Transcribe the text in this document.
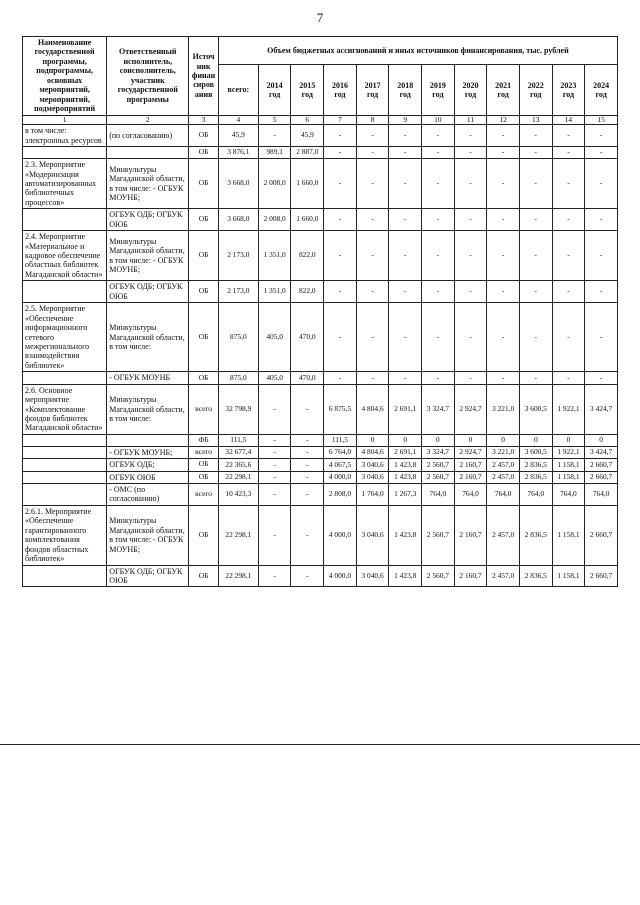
7
Наименование государственной программы, подпрограммы, основных мероприятий, мероприятий, подмероприятий	Ответственный исполнитель, соисполнитель, участник государственной программы	Источник финансирования	Объем бюджетных ассигнований и иных источников финансирования, тыс. рублей											
			всего:	2014 год	2015 год	2016 год	2017 год	2018 год	2019 год	2020 год	2021 год	2022 год	2023 год	2024 год
1	2	3	4	5	6	7	8	9	10	11	12	13	14	15
в том числе: электронных ресурсов	(по согласованию)	ОБ	45,9	-	45,9	-	-	-	-	-	-	-	-	-
		ОБ	3 876,1	989,1	2 887,0	-	-	-	-	-	-	-	-	-
2.3. Мероприятие «Модернизация автоматизированных библиотечных процессов»	Минкультуры Магаданской области, в том числе: - ОГБУК МОУНБ;	ОБ	3 668,0	2 008,0	1 660,0	-	-	-	-	-	-	-	-	-
	ОГБУК ОДБ; ОГБУК ОЮБ	ОБ	3 668,0	2 008,0	1 660,0	-	-	-	-	-	-	-	-	-
2.4. Мероприятие «Материальное и кадровое обеспечение областных библиотек Магаданской области»	Минкультуры Магаданской области, в том числе: - ОГБУК МОУНБ;	ОБ	2 173,0	1 351,0	822,0	-	-	-	-	-	-	-	-	-
	ОГБУК ОДБ; ОГБУК ОЮБ	ОБ	2 173,0	1 351,0	822,0	-	-	-	-	-	-	-	-	-
2.5. Мероприятие «Обеспечение информационного сетевого межрегионального взаимодействия библиотек»	Минкультуры Магаданской области, в том числе:	ОБ	875,0	405,0	470,0	-	-	-	-	-	-	-	-	-
	- ОГБУК МОУНБ	ОБ	875,0	405,0	470,0	-	-	-	-	-	-	-	-	-
2.6. Основное мероприятие «Комплектование фондов библиотек Магаданской области»	Минкультуры Магаданской области, в том числе:	всего	32 798,9	-	-	6 875,5	4 804,6	2 691,1	3 324,7	2 924,7	3 221,0	3 600,5	1 922,1	3 424,7
		ФБ	111,5	-	-	111,5	0	0	0	0	0	0	0	0
	- ОГБУК МОУНБ;	всего	32 677,4	-	-	6 764,0	4 804,6	2 691,1	3 324,7	2 924,7	3 221,0	3 600,5	1 922,1	3 424,7
	ОГБУК ОДБ;	ОБ	22 365,6	-	-	4 067,5	3 040,6	1 423,8	2 560,7	2 160,7	2 457,0	2 836,5	1 158,1	2 660,7
	ОГБУК ОЮБ	ОБ	22 298,1	-	-	4 000,0	3 040,6	1 423,8	2 560,7	2 160,7	2 457,0	2 836,5	1 158,1	2 660,7
	- ОМС (по согласованию)	всего	10 423,3	-	-	2 808,0	1 764,0	1 267,3	764,0	764,0	764,0	764,0	764,0	764,0
2.6.1. Мероприятие «Обеспечение гарантированного комплектования фондов областных библиотек»	Минкультуры Магаданской области, в том числе: - ОГБУК МОУНБ;	ОБ	22 298,1	-	-	4 000,0	3 040,6	1 423,8	2 560,7	2 160,7	2 457,0	2 836,5	1 158,1	2 660,7
	ОГБУК ОДБ; ОГБУК ОЮБ	ОБ	22 298,1	-	-	4 000,0	3 040,6	1 423,8	2 560,7	2 160,7	2 457,0	2 836,5	1 158,1	2 660,7
